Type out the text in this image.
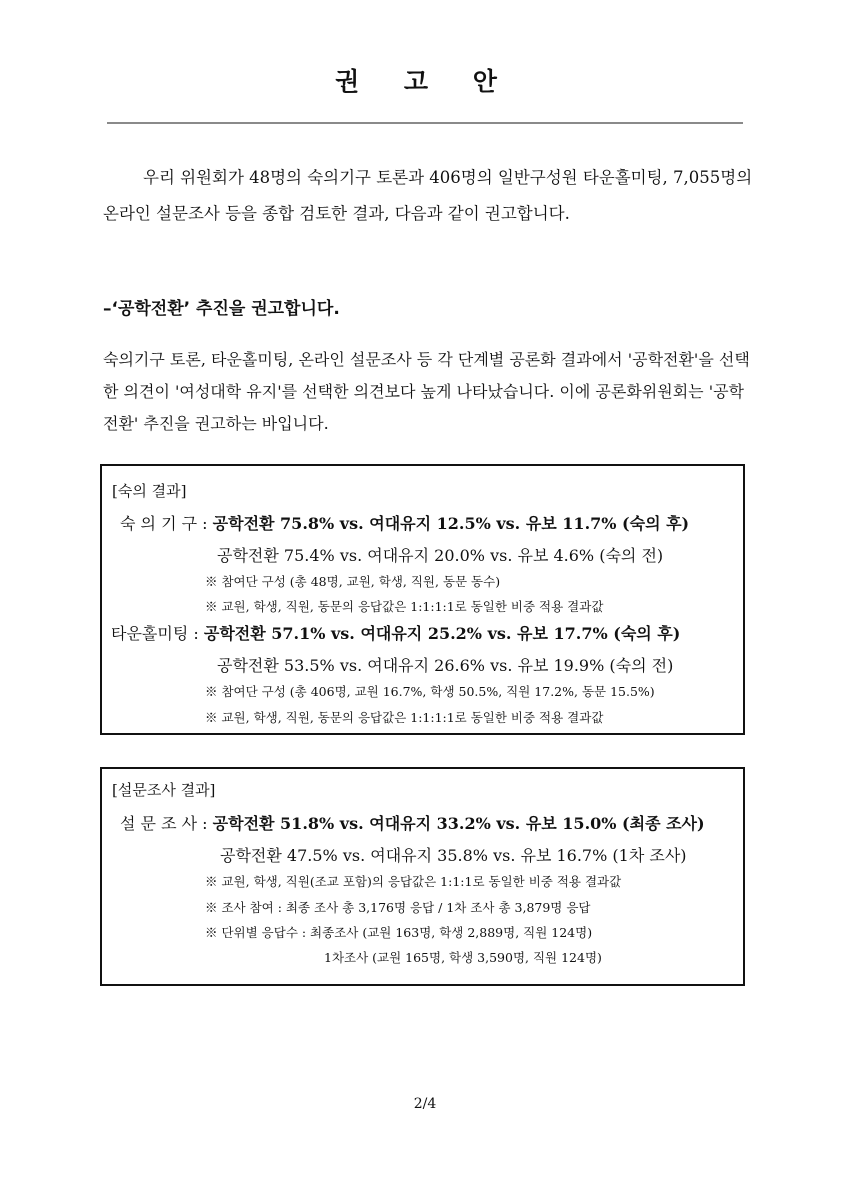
권 고 안
우리 위원회가 48명의 숙의기구 토론과 406명의 일반구성원 타운홀미팅, 7,055명의 온라인 설문조사 등을 종합 검토한 결과, 다음과 같이 권고합니다.
–‘공학전환’ 추진을 권고합니다.
숙의기구 토론, 타운홀미팅, 온라인 설문조사 등 각 단계별 공론화 결과에서 '공학전환'을 선택한 의견이 '여성대학 유지'를 선택한 의견보다 높게 나타났습니다. 이에 공론화위원회는 '공학전환' 추진을 권고하는 바입니다.
[숙의 결과]
숙 의 기 구 : 공학전환 75.8% vs. 여대유지 12.5% vs. 유보 11.7% (숙의 후)
공학전환 75.4% vs. 여대유지 20.0% vs. 유보 4.6% (숙의 전)
※ 참여단 구성 (총 48명, 교원, 학생, 직원, 동문 동수)
※ 교원, 학생, 직원, 동문의 응답값은 1:1:1:1로 동일한 비중 적용 결과값
타운홀미팅 : 공학전환 57.1% vs. 여대유지 25.2% vs. 유보 17.7% (숙의 후)
공학전환 53.5% vs. 여대유지 26.6% vs. 유보 19.9% (숙의 전)
※ 참여단 구성 (총 406명, 교원 16.7%, 학생 50.5%, 직원 17.2%, 동문 15.5%)
※ 교원, 학생, 직원, 동문의 응답값은 1:1:1:1로 동일한 비중 적용 결과값
[설문조사 결과]
설 문 조 사 : 공학전환 51.8% vs. 여대유지 33.2% vs. 유보 15.0% (최종 조사)
공학전환 47.5% vs. 여대유지 35.8% vs. 유보 16.7% (1차 조사)
※ 교원, 학생, 직원(조교 포함)의 응답값은 1:1:1로 동일한 비중 적용 결과값
※ 조사 참여 : 최종 조사 총 3,176명 응답 / 1차 조사 총 3,879명 응답
※ 단위별 응답수 : 최종조사 (교원 163명, 학생 2,889명, 직원 124명)
1차조사 (교원 165명, 학생 3,590명, 직원 124명)
2/4
